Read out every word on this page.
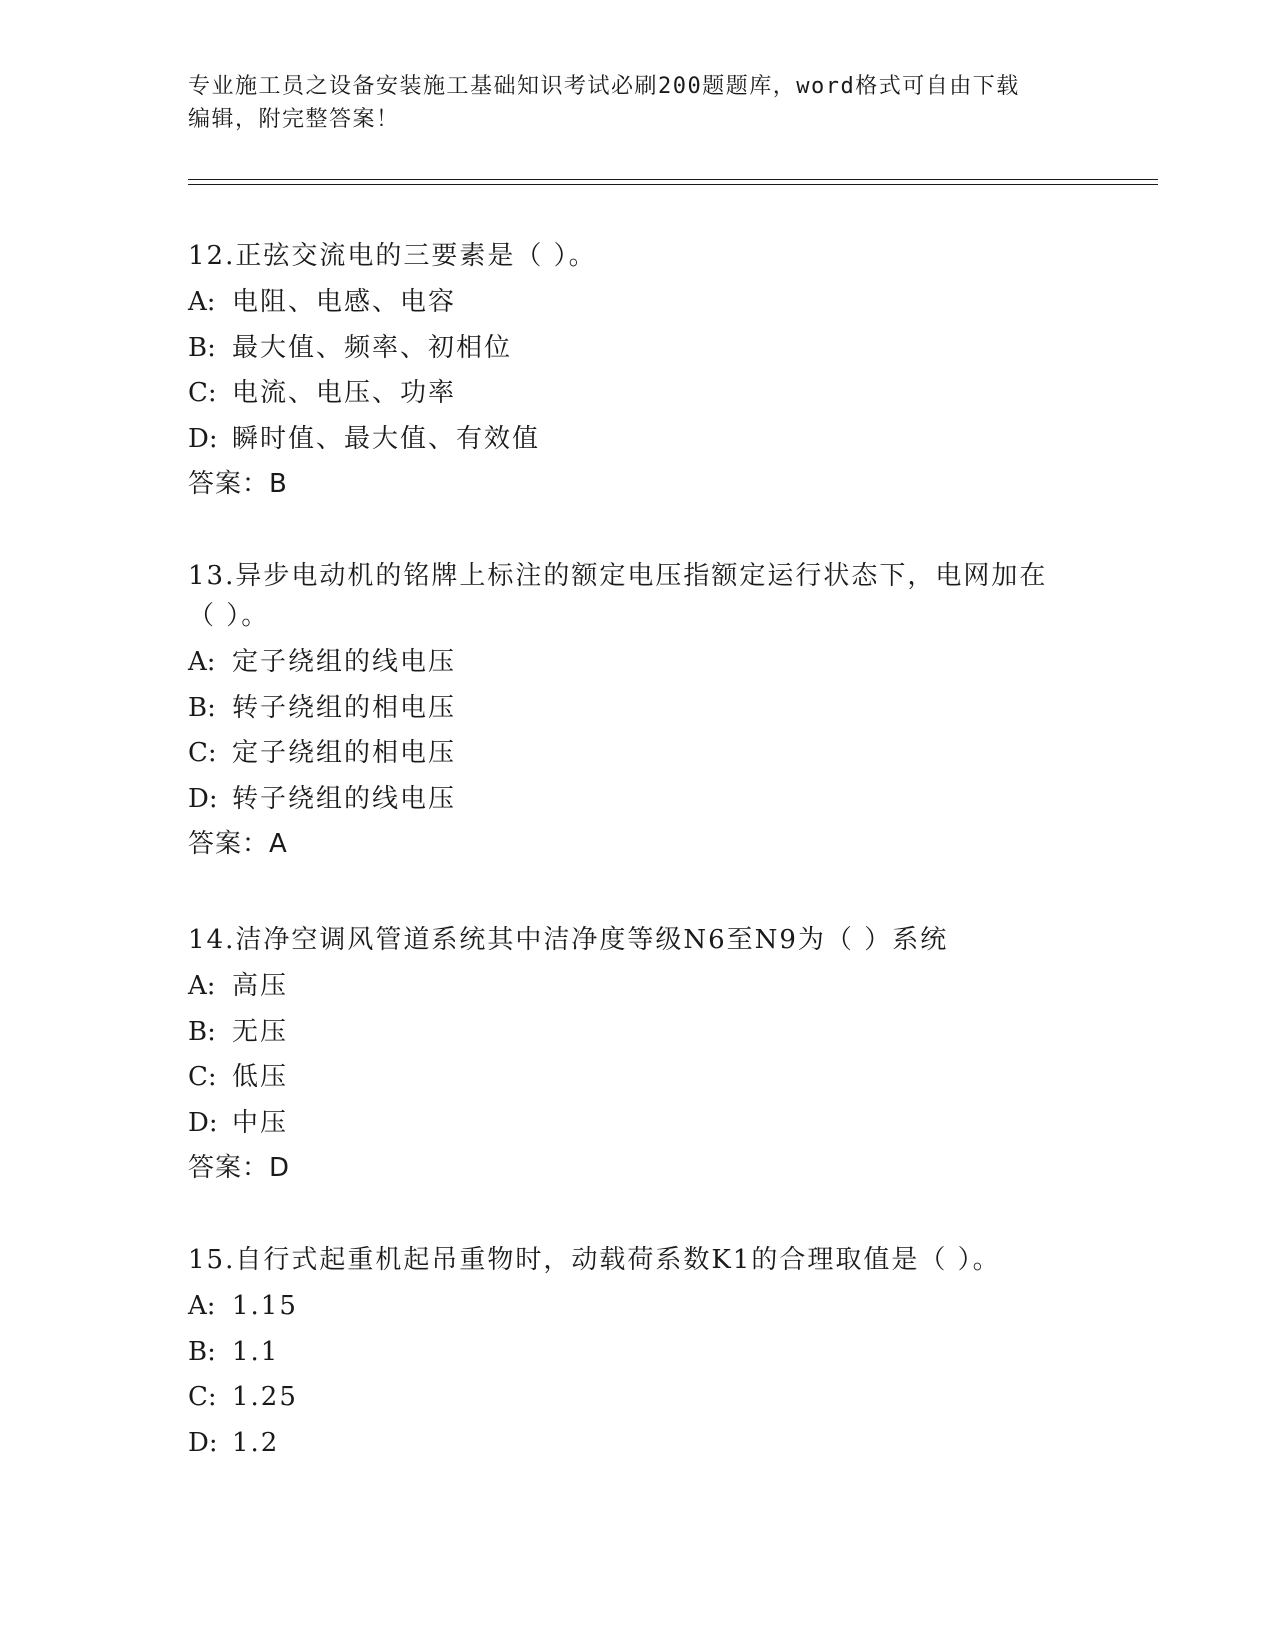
专业施工员之设备安装施工基础知识考试必刷200题题库，word格式可自由下载
编辑，附完整答案！
12.正弦交流电的三要素是（ ）。
A: 电阻、电感、电容
B: 最大值、频率、初相位
C: 电流、电压、功率
D: 瞬时值、最大值、有效值
答案：B
13.异步电动机的铭牌上标注的额定电压指额定运行状态下，电网加在
（ ）。
A: 定子绕组的线电压
B: 转子绕组的相电压
C: 定子绕组的相电压
D: 转子绕组的线电压
答案：A
14.洁净空调风管道系统其中洁净度等级N6至N9为（ ）系统
A: 高压
B: 无压
C: 低压
D: 中压
答案：D
15.自行式起重机起吊重物时，动载荷系数K1的合理取值是（ ）。
A: 1.15
B: 1.1
C: 1.25
D: 1.2
